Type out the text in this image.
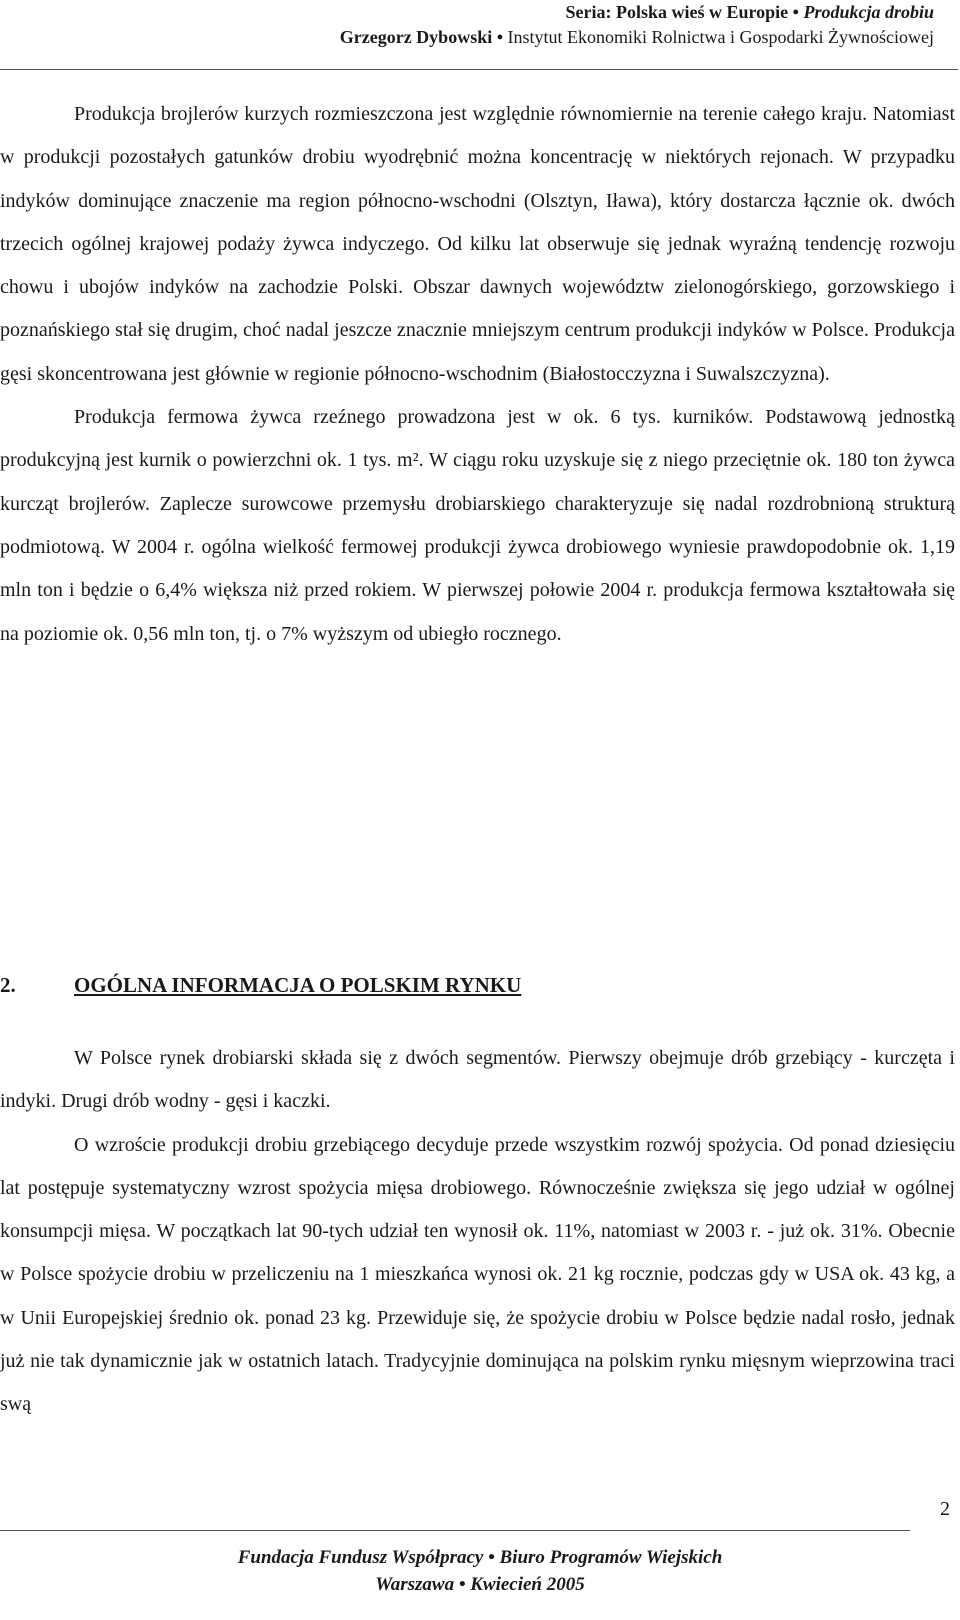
Seria: Polska wieś w Europie • Produkcja drobiu
Grzegorz Dybowski • Instytut Ekonomiki Rolnictwa i Gospodarki Żywnościowej

Produkcja brojlerów kurzych rozmieszczona jest względnie równomiernie na terenie całego kraju. Natomiast w produkcji pozostałych gatunków drobiu wyodrębnić można koncentrację w niektórych rejonach. W przypadku indyków dominujące znaczenie ma region północno-wschodni (Olsztyn, Iława), który dostarcza łącznie ok. dwóch trzecich ogólnej krajowej podaży żywca indyczego. Od kilku lat obserwuje się jednak wyraźną tendencję rozwoju chowu i ubojów indyków na zachodzie Polski. Obszar dawnych województw zielonogórskiego, gorzowskiego i poznańskiego stał się drugim, choć nadal jeszcze znacznie mniejszym centrum produkcji indyków w Polsce. Produkcja gęsi skoncentrowana jest głównie w regionie północno-wschodnim (Białostocczyzna i Suwalszczyzna).

Produkcja fermowa żywca rzeźnego prowadzona jest w ok. 6 tys. kurników. Podstawową jednostką produkcyjną jest kurnik o powierzchni ok. 1 tys. m². W ciągu roku uzyskuje się z niego przeciętnie ok. 180 ton żywca kurcząt brojlerów. Zaplecze surowcowe przemysłu drobiarskiego charakteryzuje się nadal rozdrobnioną strukturą podmiotową. W 2004 r. ogólna wielkość fermowej produkcji żywca drobiowego wyniesie prawdopodobnie ok. 1,19 mln ton i będzie o 6,4% większa niż przed rokiem. W pierwszej połowie 2004 r. produkcja fermowa kształtowała się na poziomie ok. 0,56 mln ton, tj. o 7% wyższym od ubiegło rocznego.

2.	OGÓLNA INFORMACJA O POLSKIM RYNKU

W Polsce rynek drobiarski składa się z dwóch segmentów. Pierwszy obejmuje drób grzebiący - kurczęta i indyki. Drugi drób wodny - gęsi i kaczki.

O wzroście produkcji drobiu grzebiącego decyduje przede wszystkim rozwój spożycia. Od ponad dziesięciu lat postępuje systematyczny wzrost spożycia mięsa drobiowego. Równocześnie zwiększa się jego udział w ogólnej konsumpcji mięsa. W początkach lat 90-tych udział ten wynosił ok. 11%, natomiast w 2003 r. - już ok. 31%. Obecnie w Polsce spożycie drobiu w przeliczeniu na 1 mieszkańca wynosi ok. 21 kg rocznie, podczas gdy w USA ok. 43 kg, a w Unii Europejskiej średnio ok. ponad 23 kg. Przewiduje się, że spożycie drobiu w Polsce będzie nadal rosło, jednak już nie tak dynamicznie jak w ostatnich latach. Tradycyjnie dominująca na polskim rynku mięsnym wieprzowina traci swą

2
Fundacja Fundusz Współpracy • Biuro Programów Wiejskich
Warszawa • Kwiecień 2005
